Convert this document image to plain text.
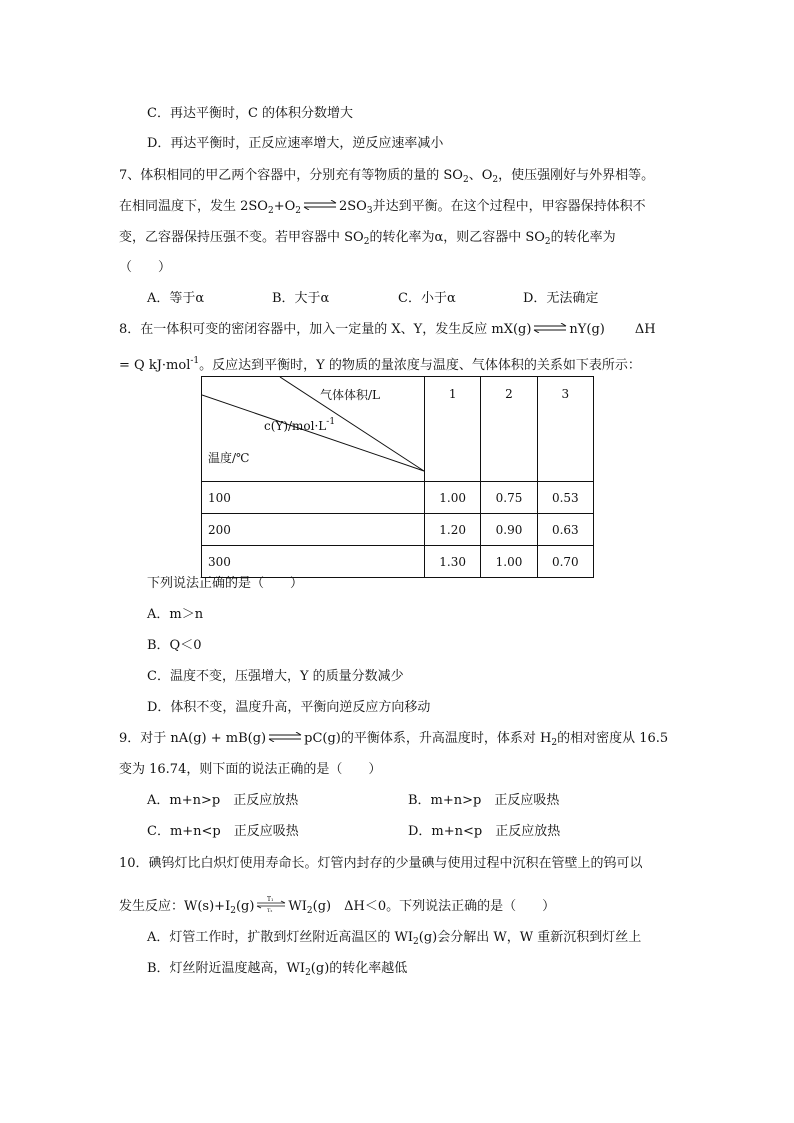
C．再达平衡时，C 的体积分数增大
D．再达平衡时，正反应速率增大，逆反应速率减小
7、体积相同的甲乙两个容器中，分别充有等物质的量的 $SO_2$、$O_2$，使压强刚好与外界相等。
在相同温度下，发生 $2SO_2+O_2$ ⇌ $2SO_3$并达到平衡。在这个过程中，甲容器保持体积不
变，乙容器保持压强不变。若甲容器中 $SO_2$的转化率为α，则乙容器中 $SO_2$的转化率为
（　　）
A．等于α	B．大于α	C．小于α	D．无法确定
8．在一体积可变的密闭容器中，加入一定量的 X、Y，发生反应 mX(g) ⇌ nY(g) ΔH
= Q kJ·mol$^{-1}$。反应达到平衡时，Y 的物质的量浓度与温度、气体体积的关系如下表所示：
气体体积/L
$c(Y)/mol\cdot L^{-1}$
温度/℃	1	2	3
100	1.00	0.75	0.53
200	1.20	0.90	0.63
300	1.30	1.00	0.70
下列说法正确的是（　　）
A．m＞n
B．Q＜0
C．温度不变，压强增大，Y 的质量分数减少
D．体积不变，温度升高，平衡向逆反应方向移动
9．对于 nA(g) + mB(g) ⇌ pC(g)的平衡体系，升高温度时，体系对 $H_2$的相对密度从 16.5
变为 16.74，则下面的说法正确的是（　　）
A．m+n>p　正反应放热	B．m+n>p　正反应吸热
C．m+n<p　正反应吸热	D．m+n<p　正反应放热
10．碘钨灯比白炽灯使用寿命长。灯管内封存的少量碘与使用过程中沉积在管壁上的钨可以
发生反应：$W(s)+I_2(g)$ T₁
T₂ $WI_2(g)$　ΔH＜0。下列说法正确的是（　　）
A．灯管工作时，扩散到灯丝附近高温区的 $WI_2(g)$会分解出 W，W 重新沉积到灯丝上
B．灯丝附近温度越高，$WI_2(g)$的转化率越低
